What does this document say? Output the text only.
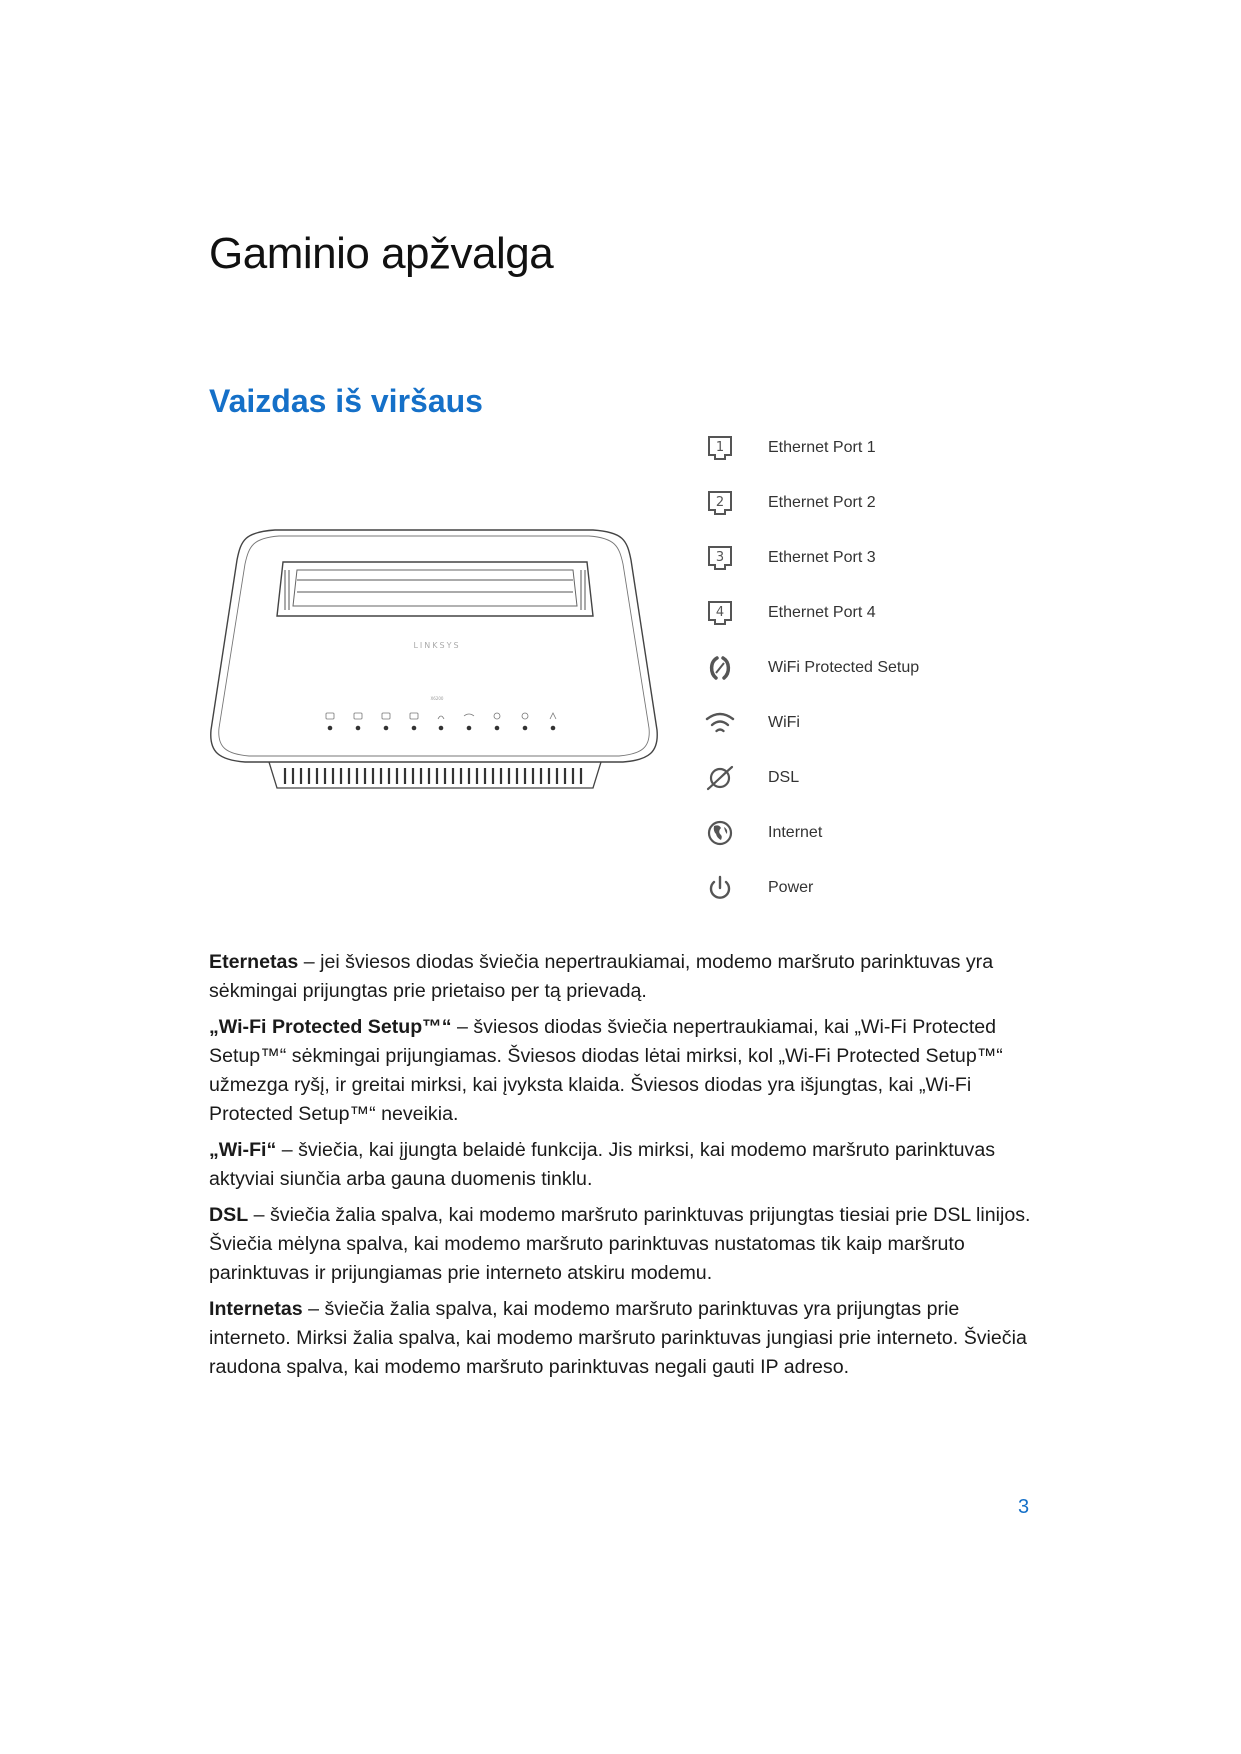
Gaminio apžvalga
Vaizdas iš viršaus
LINKSYS
X6200
1	Ethernet Port 1
2	Ethernet Port 2
3	Ethernet Port 3
4	Ethernet Port 4
WiFi Protected Setup
WiFi
DSL
Internet
Power

Eternetas – jei šviesos diodas šviečia nepertraukiamai, modemo maršruto parinktuvas yra sėkmingai prijungtas prie prietaiso per tą prievadą.

„Wi-Fi Protected Setup™“ – šviesos diodas šviečia nepertraukiamai, kai „Wi-Fi Protected Setup™“ sėkmingai prijungiamas. Šviesos diodas lėtai mirksi, kol „Wi-Fi Protected Setup™“ užmezga ryšį, ir greitai mirksi, kai įvyksta klaida. Šviesos diodas yra išjungtas, kai „Wi-Fi Protected Setup™“ neveikia.

„Wi-Fi“ – šviečia, kai įjungta belaidė funkcija. Jis mirksi, kai modemo maršruto parinktuvas aktyviai siunčia arba gauna duomenis tinklu.

DSL – šviečia žalia spalva, kai modemo maršruto parinktuvas prijungtas tiesiai prie DSL linijos. Šviečia mėlyna spalva, kai modemo maršruto parinktuvas nustatomas tik kaip maršruto parinktuvas ir prijungiamas prie interneto atskiru modemu.

Internetas – šviečia žalia spalva, kai modemo maršruto parinktuvas yra prijungtas prie interneto. Mirksi žalia spalva, kai modemo maršruto parinktuvas jungiasi prie interneto. Šviečia raudona spalva, kai modemo maršruto parinktuvas negali gauti IP adreso.

3
